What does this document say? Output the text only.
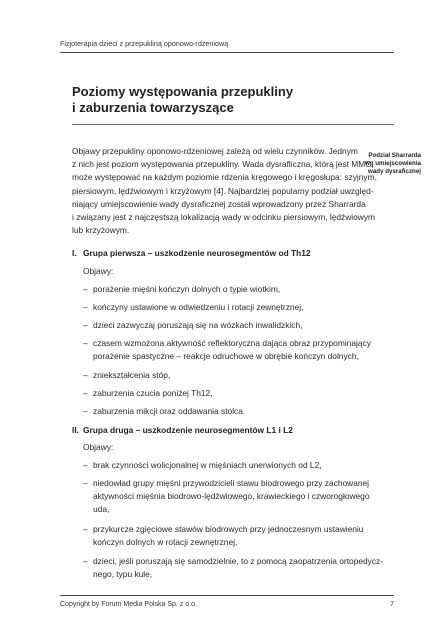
Fizjoterapia dzieci z przepukliną oponowo-rdzeniową
Poziomy występowania przepukliny
i zaburzenia towarzyszące
Objawy przepukliny oponowo-rdzeniowej zależą od wielu czynników. Jednym
z nich jest poziom występowania przepukliny. Wada dysrafliczna, którą jest MMC,
może występować na każdym poziomie rdzenia kręgowego i kręgosłupa: szyjnym,
piersiowym, lędźwiowym i krzyżowym [4]. Najbardziej popularny podział uwzględ-
niający umiejscowienie wady dysraficznej został wprowadzony przez Sharrarda
i związany jest z najczęstszą lokalizacją wady w odcinku piersiowym, lędźwiowym
lub krzyżowym.
Podział Sharrarda
wg umiejscowienia
wady dysraficznej
I. Grupa pierwsza – uszkodzenie neurosegmentów od Th12
Objawy:
– porażenie mięśni kończyn dolnych o typie wiotkim,
– kończyny ustawione w odwiedzeniu i rotacji zewnętrznej,
– dzieci zazwyczaj poruszają się na wózkach inwalidzkich,
– czasem wzmożona aktywność reflektoryczna dająca obraz przypominający
porażenie spastyczne – reakcje odruchowe w obrębie kończyn dolnych,
– zniekształcenia stóp,
– zaburzenia czucia poniżej Th12,
– zaburzenia mikcji oraz oddawania stolca.
II. Grupa druga – uszkodzenie neurosegmentów L1 i L2
Objawy:
– brak czynności wolicjonalnej w mięśniach unerwionych od L2,
– niedowład grupy mięśni przywodzicieli stawu biodrowego przy zachowanej
aktywności mięśnia biodrowo-lędźwiowego, krawieckiego i czworogłowego
uda,
– przykurcze zgięciowe stawów biodrowych przy jednoczesnym ustawieniu
kończyn dolnych w rotacji zewnętrznej,
– dzieci, jeśli poruszają się samodzielnie, to z pomocą zaopatrzenia ortopedycz-
nego, typu kule,
Copyright by Forum Media Polska Sp. z o.o.	7
